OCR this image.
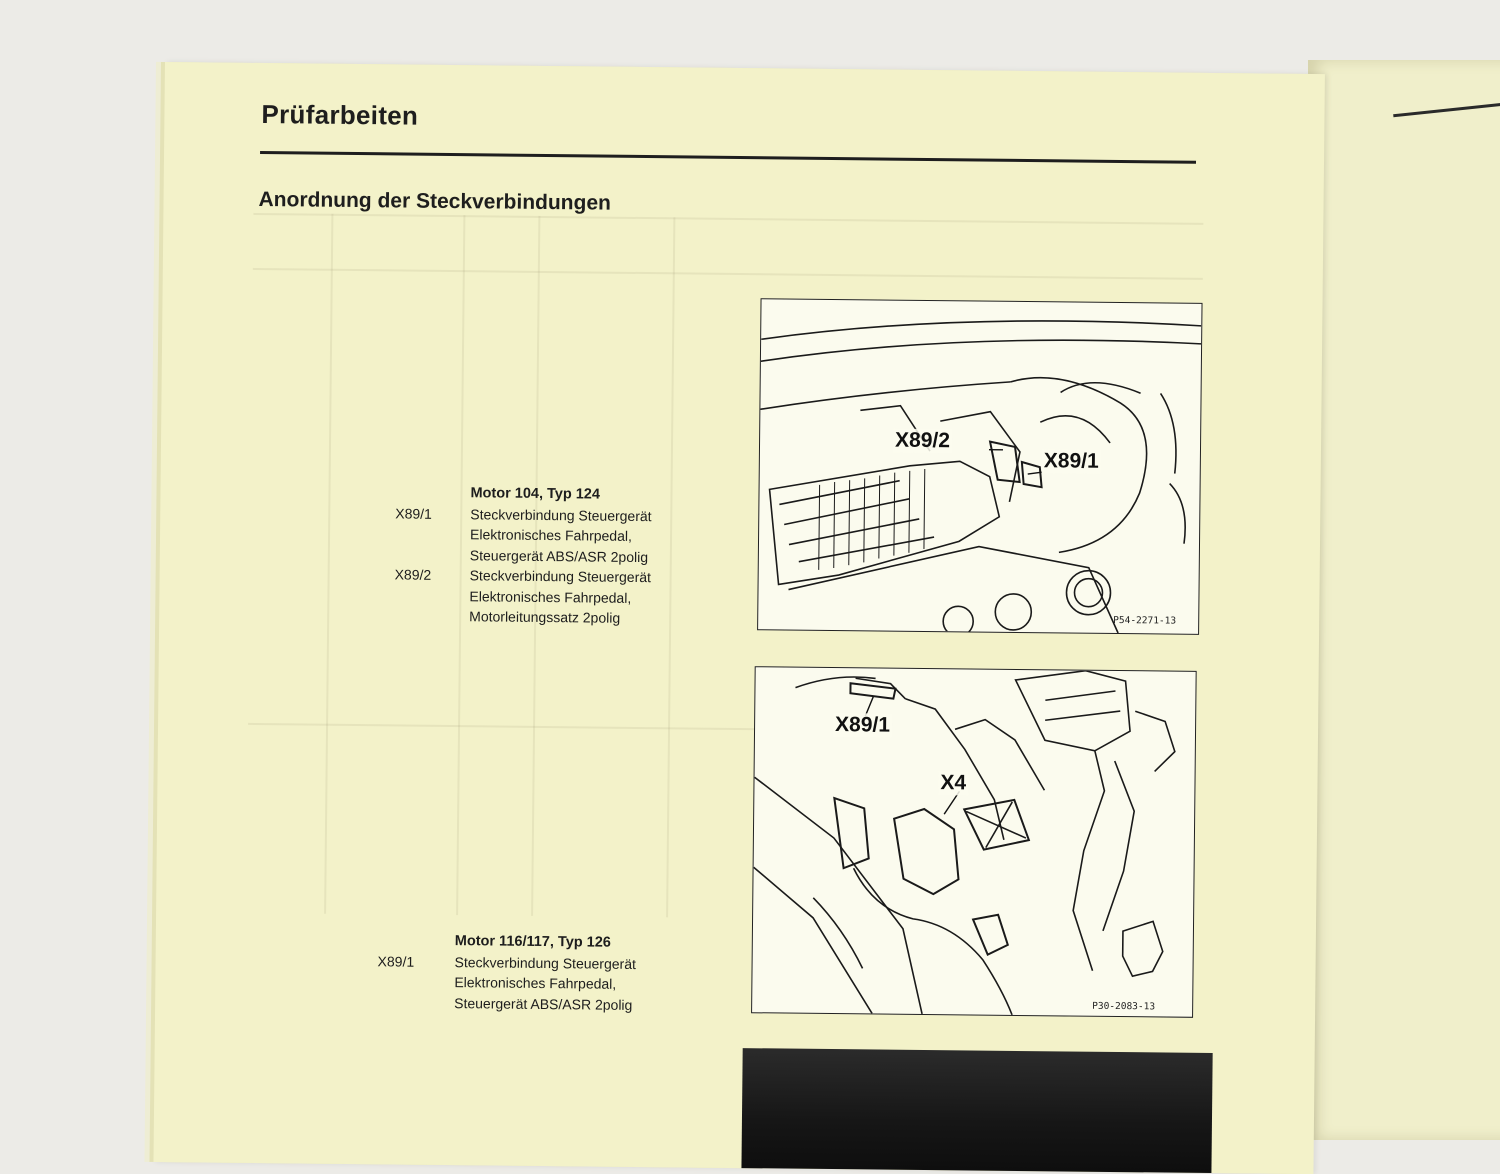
Prüfarbeiten
Anordnung der Steckverbindungen
Motor 104, Typ 124
X89/1	Steckverbindung Steuergerät
Elektronisches Fahrpedal,
Steuergerät ABS/ASR 2polig
X89/2	Steckverbindung Steuergerät
Elektronisches Fahrpedal,
Motorleitungssatz 2polig
Motor 116/117, Typ 126
X89/1	Steckverbindung Steuergerät
Elektronisches Fahrpedal,
Steuergerät ABS/ASR 2polig
X89/2
X89/1
P54-2271-13
X89/1
X4
P30-2083-13
